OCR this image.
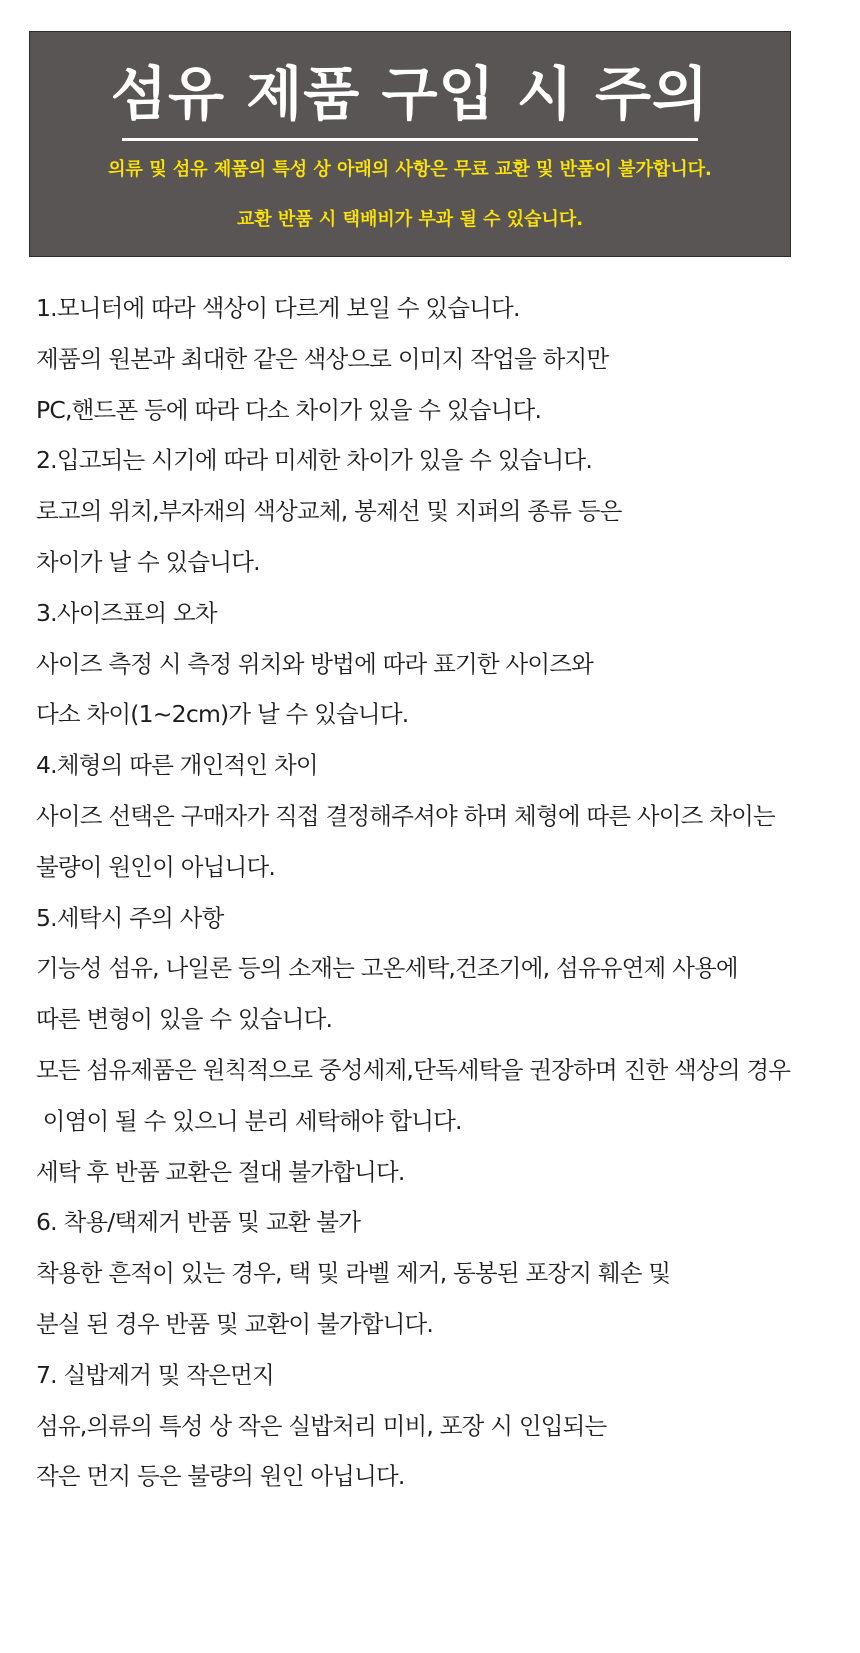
섬유 제품 구입 시 주의
의류 및 섬유 제품의 특성 상 아래의 사항은 무료 교환 및 반품이 불가합니다.
교환 반품 시 택배비가 부과 될 수 있습니다.
1.모니터에 따라 색상이 다르게 보일 수 있습니다.
제품의 원본과 최대한 같은 색상으로 이미지 작업을 하지만
PC,핸드폰 등에 따라 다소 차이가 있을 수 있습니다.
2.입고되는 시기에 따라 미세한 차이가 있을 수 있습니다.
로고의 위치,부자재의 색상교체, 봉제선 및 지퍼의 종류 등은
차이가 날 수 있습니다.
3.사이즈표의 오차
사이즈 측정 시 측정 위치와 방법에 따라 표기한 사이즈와
다소 차이(1~2cm)가 날 수 있습니다.
4.체형의 따른 개인적인 차이
사이즈 선택은 구매자가 직접 결정해주셔야 하며 체형에 따른 사이즈 차이는
불량이 원인이 아닙니다.
5.세탁시 주의 사항
기능성 섬유, 나일론 등의 소재는 고온세탁,건조기에, 섬유유연제 사용에
따른 변형이 있을 수 있습니다.
모든 섬유제품은 원칙적으로 중성세제,단독세탁을 권장하며 진한 색상의 경우
이염이 될 수 있으니 분리 세탁해야 합니다.
세탁 후 반품 교환은 절대 불가합니다.
6. 착용/택제거 반품 및 교환 불가
착용한 흔적이 있는 경우, 택 및 라벨 제거, 동봉된 포장지 훼손 및
분실 된 경우 반품 및 교환이 불가합니다.
7. 실밥제거 및 작은먼지
섬유,의류의 특성 상 작은 실밥처리 미비, 포장 시 인입되는
작은 먼지 등은 불량의 원인 아닙니다.
